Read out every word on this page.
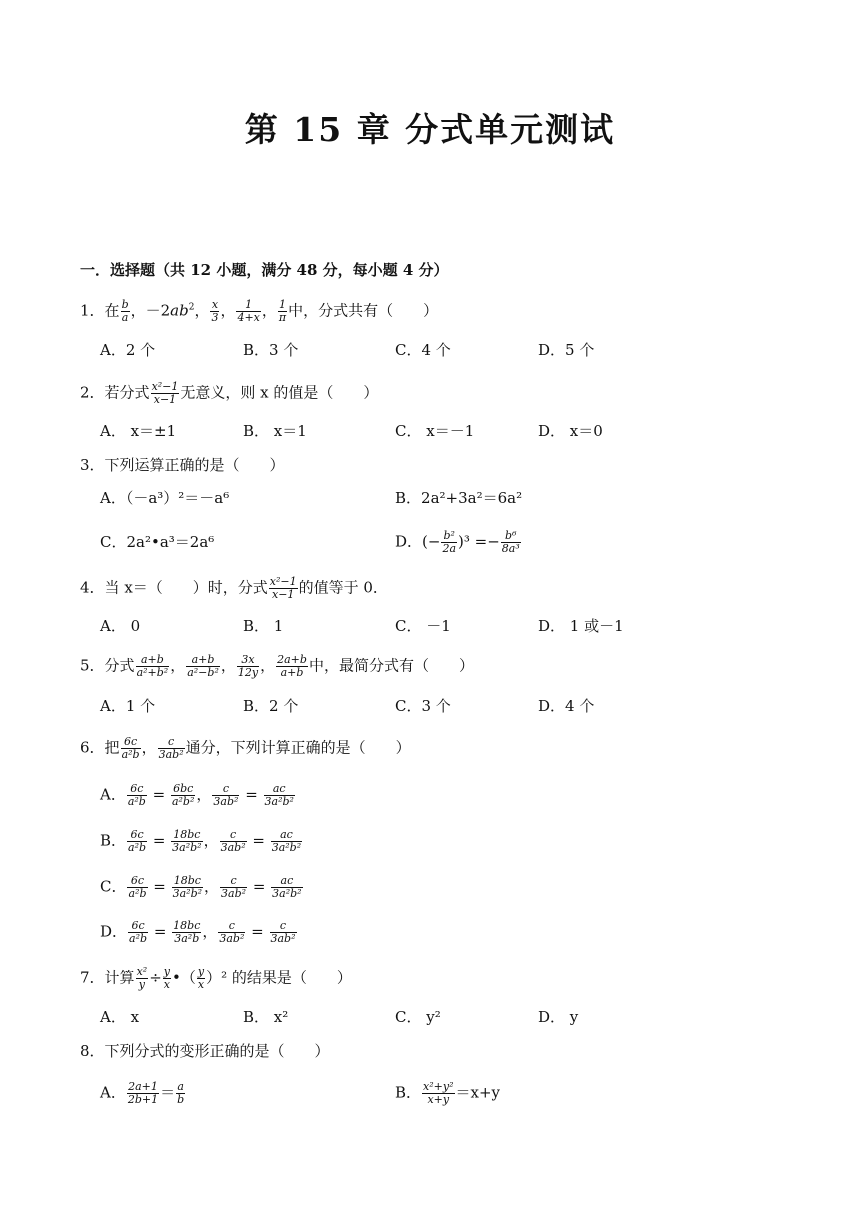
第 15 章 分式单元测试
一．选择题（共 12 小题，满分 48 分，每小题 4 分）
1．在 $\frac{b}{a}$ ，$-2ab^2$， $\frac{x}{3}$ ， $\frac{1}{4+x}$ ， $\frac{1}{\pi}$ 中，分式共有（　　）
A．2 个	B．3 个	C．4 个	D．5 个
2．若分式 $\frac{\text{x²−1}}{x-1}$ 无意义，则 x 的值是（　　）
A． x＝±1	B． x＝1	C． x＝－1	D． x＝0
3．下列运算正确的是（　　）
A．（－a³）²＝－a⁶	B．2a²+3a²＝6a²
C．2a²•a³＝2a⁶	D．(− $\frac{\text{b²}}{2a} )^3 =- \frac{\text{b⁶}}{\text{8a³}}$
4．当 x＝（　　）时，分式 $\frac{\text{x²−1}}{x-1}$ 的值等于 0．
A． 0	B． 1	C． －1	D． 1 或－1
5．分式 $\frac{a+b}{\text{a²+b²}}$ ， $\frac{a+b}{\text{a²−b²}}$ ， $\frac{3x}{12y}$ ， $\frac{2a+b}{a+b}$ 中，最简分式有（　　）
A．1 个	B．2 个	C．3 个	D．4 个
6．把 $\frac{6c}{\text{a²b}}$ ， $\frac{c}{\text{3ab²}}$ 通分，下列计算正确的是（　　）
A． $\frac{6c}{\text{a²b}} = \frac{6bc}{\text{a²b²}}$ ， $\frac{c}{\text{3ab²}} = \frac{ac}{\text{3a²b²}}$
B． $\frac{6c}{\text{a²b}} = \frac{18bc}{\text{3a²b²}}$ ， $\frac{c}{\text{3ab²}} = \frac{ac}{\text{3a²b²}}$
C． $\frac{6c}{\text{a²b}} = \frac{18bc}{\text{3a²b²}}$ ， $\frac{c}{\text{3ab²}} = \frac{ac}{\text{3a²b²}}$
D． $\frac{6c}{\text{a²b}} = \frac{18bc}{\text{3a²b}}$ ， $\frac{c}{\text{3ab²}} = \frac{c}{\text{3ab²}}$
7．计算 $\frac{\text{x²}}{y} \div \frac{y}{x}$ •（ $\frac{y}{x} )^2$ 的结果是（　　）
A． x	B． x²	C． y²	D． y
8．下列分式的变形正确的是（　　）
A． $\frac{2a+1}{2b+1} = \frac{a}{b}$	B． $\frac{\text{x²+y²}}{x+y} =x+y$
